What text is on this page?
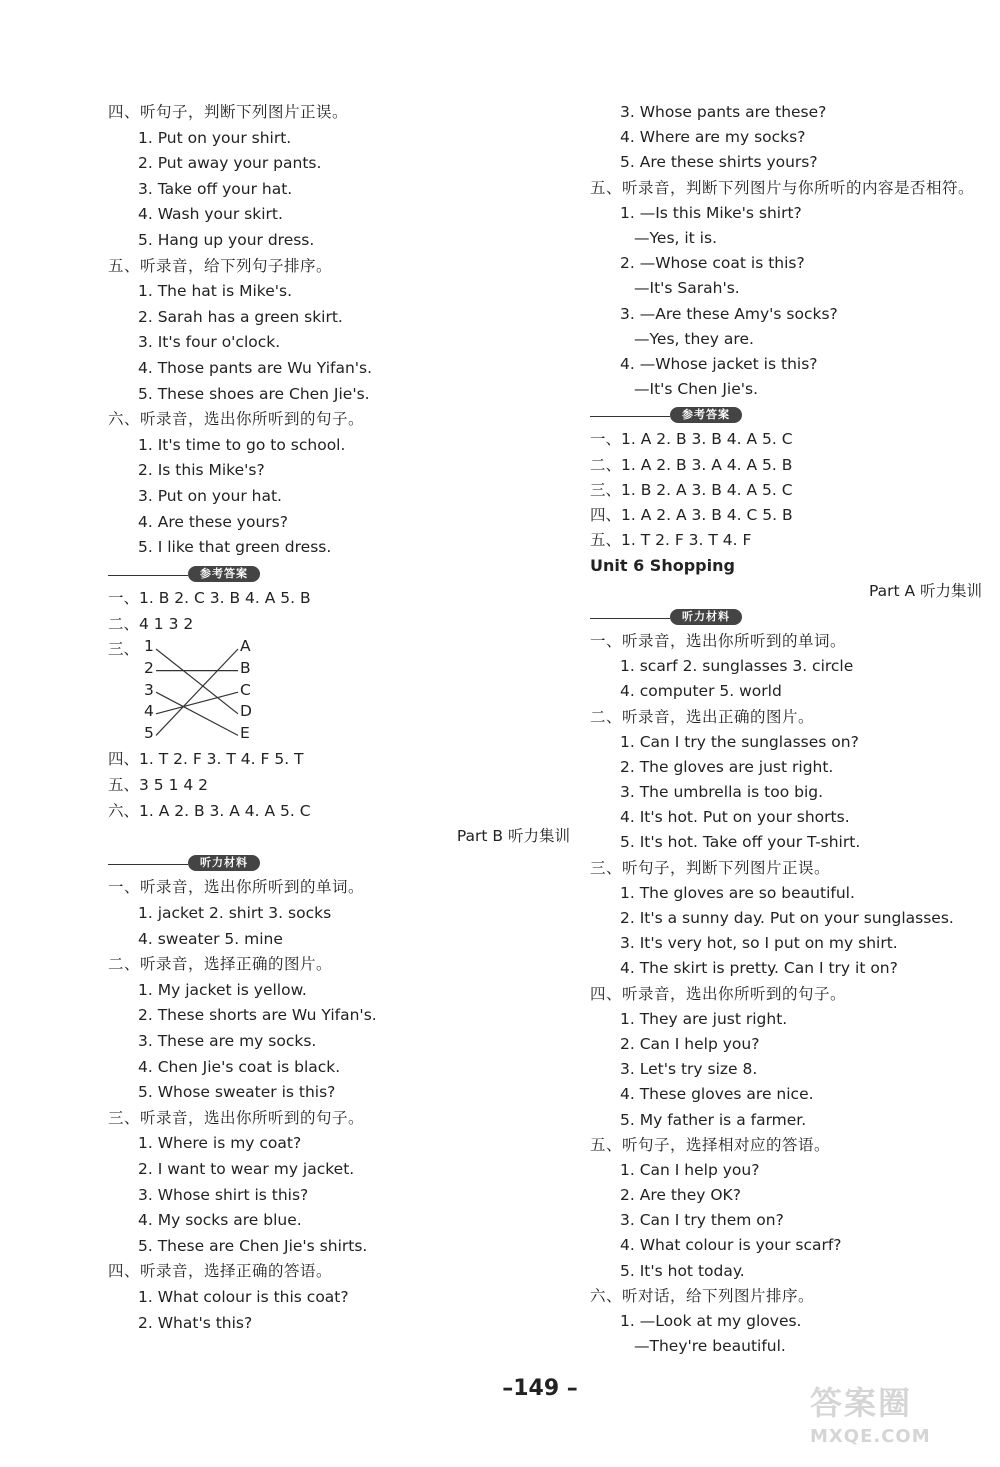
四、听句子，判断下列图片正误。
1. Put on your shirt.
2. Put away your pants.
3. Take off your hat.
4. Wash your skirt.
5. Hang up your dress.
五、听录音，给下列句子排序。
1. The hat is Mike's.
2. Sarah has a green skirt.
3. It's four o'clock.
4. Those pants are Wu Yifan's.
5. These shoes are Chen Jie's.
六、听录音，选出你所听到的句子。
1. It's time to go to school.
2. Is this Mike's?
3. Put on your hat.
4. Are these yours?
5. I like that green dress.
参考答案
一、1. B 2. C 3. B 4. A 5. B
二、4 1 3 2
三、 1
2
3
4
5
A
B
C
D
E
四、1. T 2. F 3. T 4. F 5. T
五、3 5 1 4 2
六、1. A 2. B 3. A 4. A 5. C
Part B 听力集训
听力材料
一、听录音，选出你所听到的单词。
1. jacket 2. shirt 3. socks
4. sweater 5. mine
二、听录音，选择正确的图片。
1. My jacket is yellow.
2. These shorts are Wu Yifan's.
3. These are my socks.
4. Chen Jie's coat is black.
5. Whose sweater is this?
三、听录音，选出你所听到的句子。
1. Where is my coat?
2. I want to wear my jacket.
3. Whose shirt is this?
4. My socks are blue.
5. These are Chen Jie's shirts.
四、听录音，选择正确的答语。
1. What colour is this coat?
2. What's this?
3. Whose pants are these?
4. Where are my socks?
5. Are these shirts yours?
五、听录音，判断下列图片与你所听的内容是否相符。
1. —Is this Mike's shirt?
—Yes, it is.
2. —Whose coat is this?
—It's Sarah's.
3. —Are these Amy's socks?
—Yes, they are.
4. —Whose jacket is this?
—It's Chen Jie's.
参考答案
一、1. A 2. B 3. B 4. A 5. C
二、1. A 2. B 3. A 4. A 5. B
三、1. B 2. A 3. B 4. A 5. C
四、1. A 2. A 3. B 4. C 5. B
五、1. T 2. F 3. T 4. F
Unit 6 Shopping
Part A 听力集训
听力材料
一、听录音，选出你所听到的单词。
1. scarf 2. sunglasses 3. circle
4. computer 5. world
二、听录音，选出正确的图片。
1. Can I try the sunglasses on?
2. The gloves are just right.
3. The umbrella is too big.
4. It's hot. Put on your shorts.
5. It's hot. Take off your T-shirt.
三、听句子，判断下列图片正误。
1. The gloves are so beautiful.
2. It's a sunny day. Put on your sunglasses.
3. It's very hot, so I put on my shirt.
4. The skirt is pretty. Can I try it on?
四、听录音，选出你所听到的句子。
1. They are just right.
2. Can I help you?
3. Let's try size 8.
4. These gloves are nice.
5. My father is a farmer.
五、听句子，选择相对应的答语。
1. Can I help you?
2. Are they OK?
3. Can I try them on?
4. What colour is your scarf?
5. It's hot today.
六、听对话，给下列图片排序。
1. —Look at my gloves.
—They're beautiful.
–149 –	答案圈
MXQE.COM
